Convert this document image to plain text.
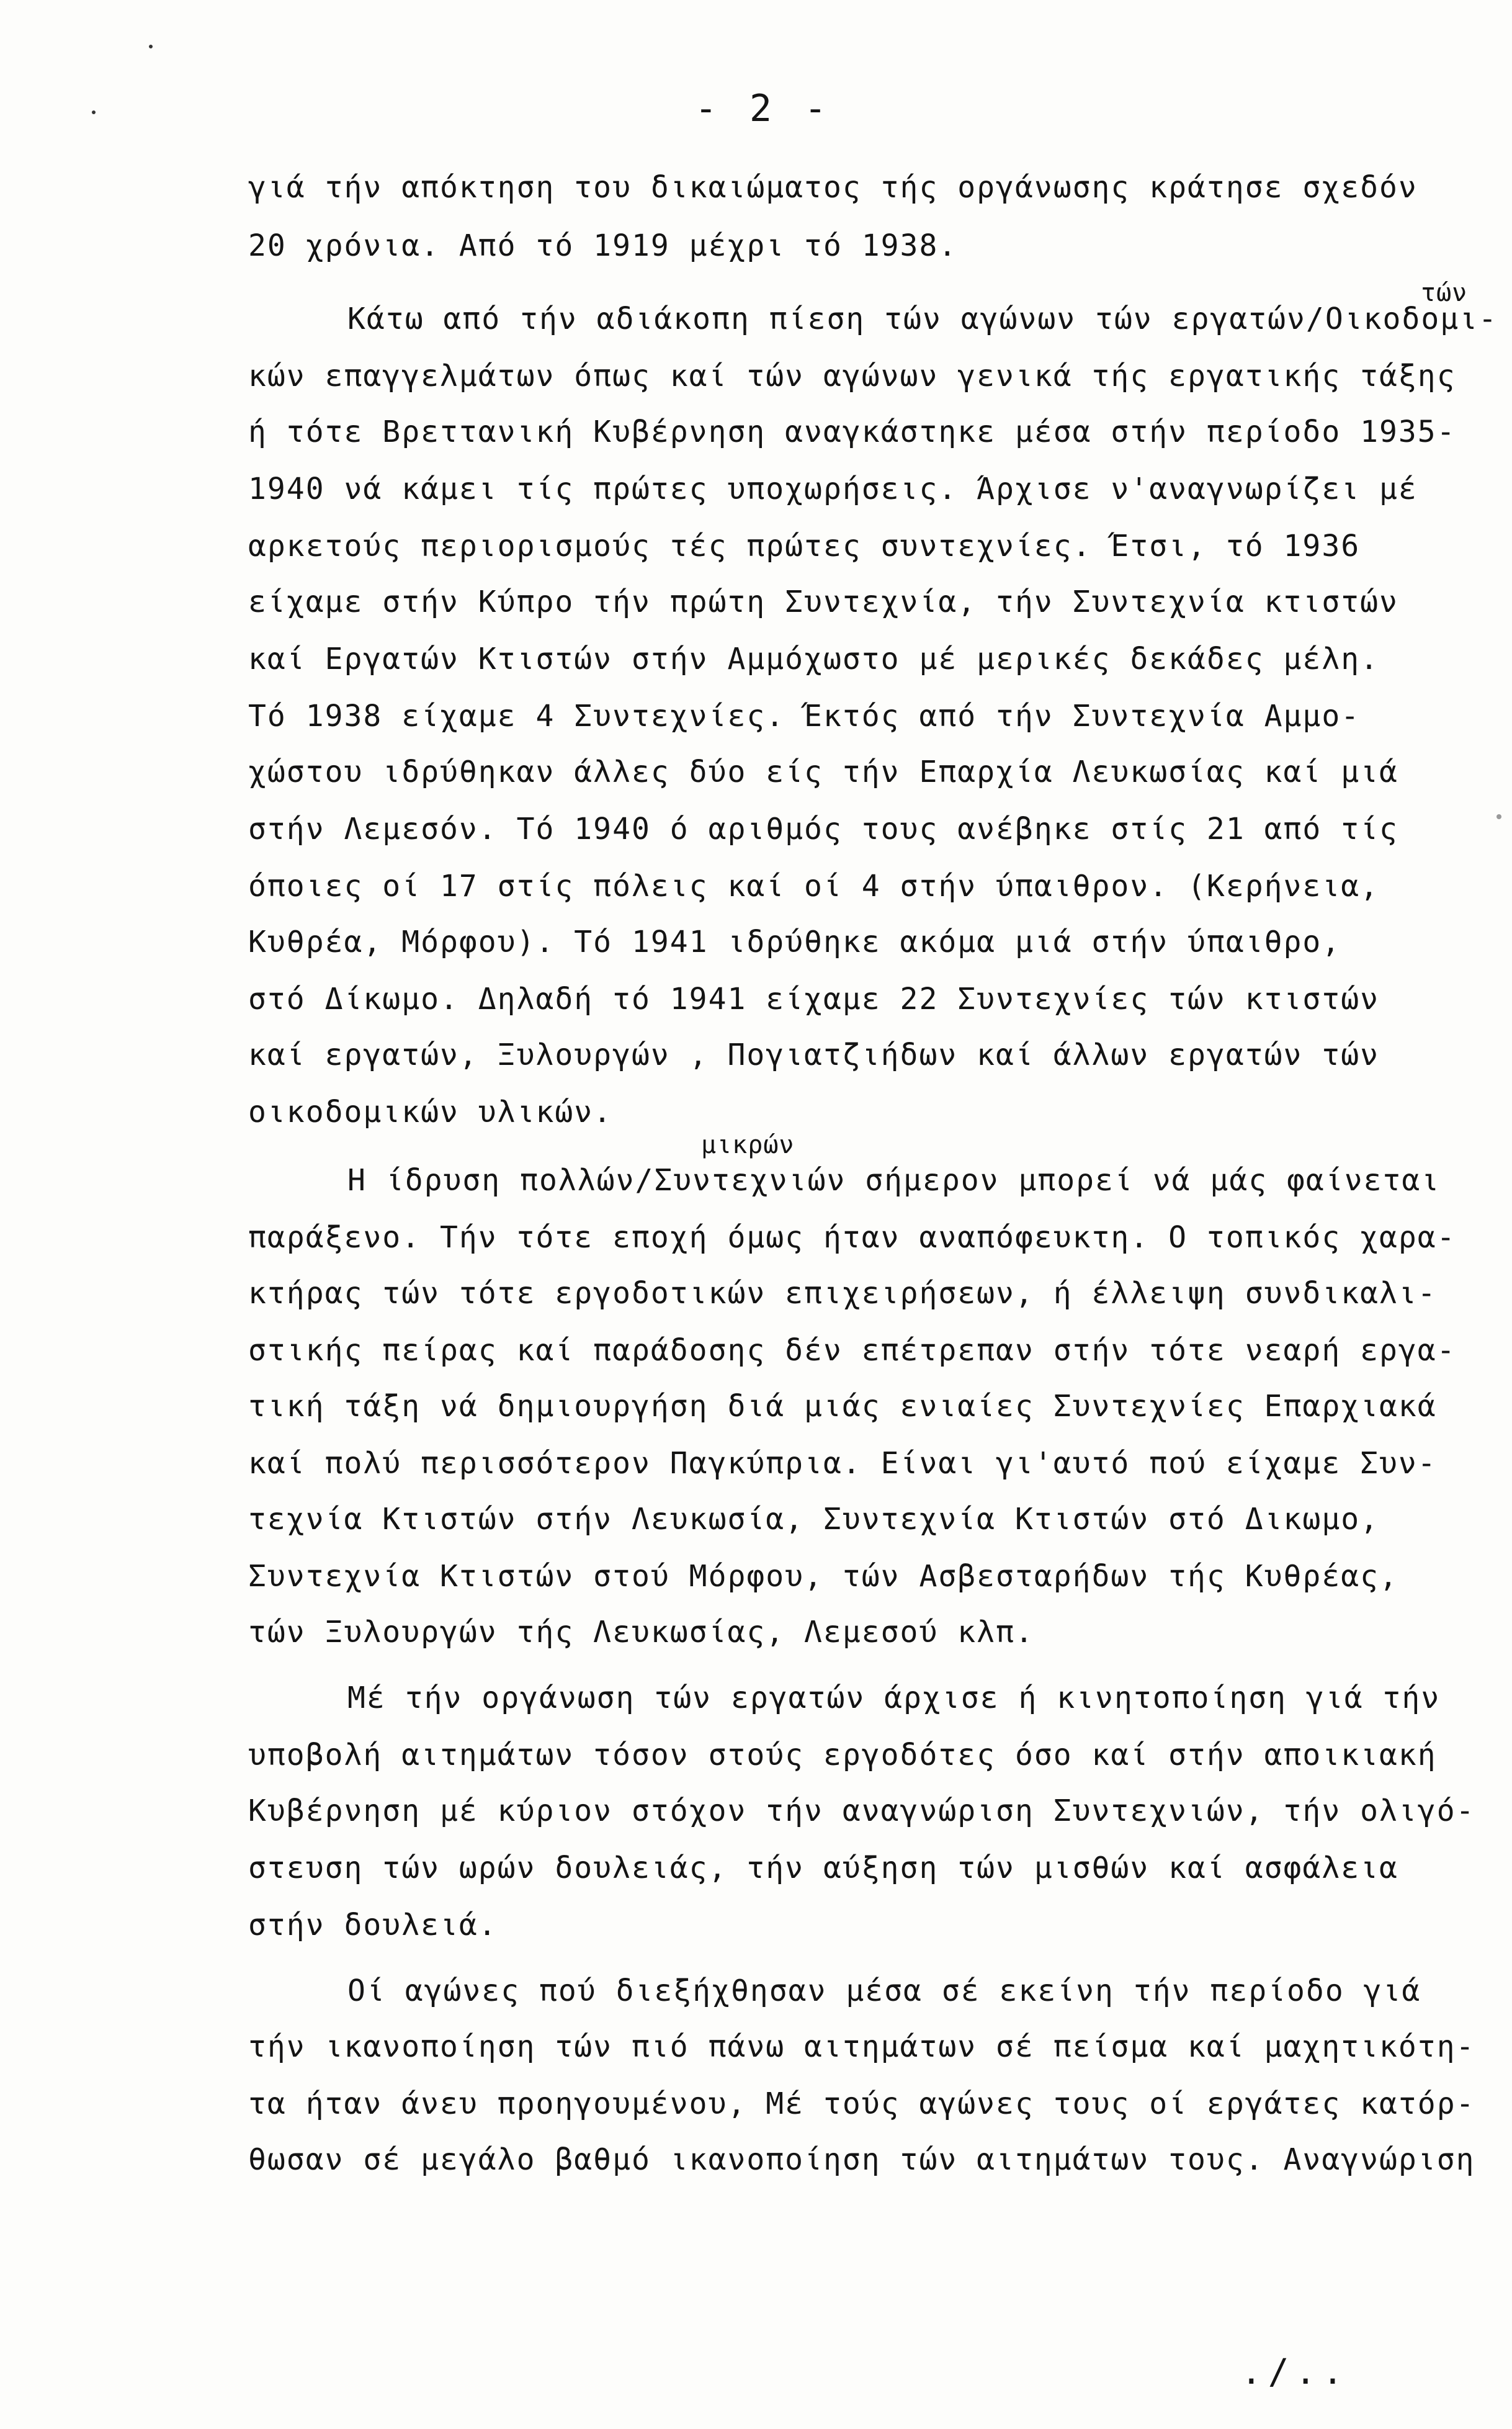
- 2 -
τών
μικρών
γιά τήν απόκτηση του δικαιώματος τής οργάνωσης κράτησε σχεδόν
20 χρόνια. Από τό 1919 μέχρι τό 1938.
Κάτω από τήν αδιάκοπη πίεση τών αγώνων τών εργατών/Οικοδομι-
κών επαγγελμάτων όπως καί τών αγώνων γενικά τής εργατικής τάξης
ή τότε Βρεττανική Κυβέρνηση αναγκάστηκε μέσα στήν περίοδο 1935-
1940 νά κάμει τίς πρώτες υποχωρήσεις. Άρχισε ν'αναγνωρίζει μέ
αρκετούς περιορισμούς τές πρώτες συντεχνίες. Έτσι, τό 1936
είχαμε στήν Κύπρο τήν πρώτη Συντεχνία, τήν Συντεχνία κτιστών
καί Εργατών Κτιστών στήν Αμμόχωστο μέ μερικές δεκάδες μέλη.
Τό 1938 είχαμε 4 Συντεχνίες. Έκτός από τήν Συντεχνία Αμμο-
χώστου ιδρύθηκαν άλλες δύο είς τήν Επαρχία Λευκωσίας καί μιά
στήν Λεμεσόν. Τό 1940 ό αριθμός τους ανέβηκε στίς 21 από τίς
όποιες οί 17 στίς πόλεις καί οί 4 στήν ύπαιθρον. (Κερήνεια,
Κυθρέα, Μόρφου). Τό 1941 ιδρύθηκε ακόμα μιά στήν ύπαιθρο,
στό Δίκωμο. Δηλαδή τό 1941 είχαμε 22 Συντεχνίες τών κτιστών
καί εργατών, Ξυλουργών , Πογιατζιήδων καί άλλων εργατών τών
οικοδομικών υλικών.
Η ίδρυση πολλών/Συντεχνιών σήμερον μπορεί νά μάς φαίνεται
παράξενο. Τήν τότε εποχή όμως ήταν αναπόφευκτη. Ο τοπικός χαρα-
κτήρας τών τότε εργοδοτικών επιχειρήσεων, ή έλλειψη συνδικαλι-
στικής πείρας καί παράδοσης δέν επέτρεπαν στήν τότε νεαρή εργα-
τική τάξη νά δημιουργήση διά μιάς ενιαίες Συντεχνίες Επαρχιακά
καί πολύ περισσότερον Παγκύπρια. Είναι γι'αυτό πού είχαμε Συν-
τεχνία Κτιστών στήν Λευκωσία, Συντεχνία Κτιστών στό Δικωμο,
Συντεχνία Κτιστών στού Μόρφου, τών Ασβεσταρήδων τής Κυθρέας,
τών Ξυλουργών τής Λευκωσίας, Λεμεσού κλπ.
Μέ τήν οργάνωση τών εργατών άρχισε ή κινητοποίηση γιά τήν
υποβολή αιτημάτων τόσον στούς εργοδότες όσο καί στήν αποικιακή
Κυβέρνηση μέ κύριον στόχον τήν αναγνώριση Συντεχνιών, τήν ολιγό-
στευση τών ωρών δουλειάς, τήν αύξηση τών μισθών καί ασφάλεια
στήν δουλειά.
Οί αγώνες πού διεξήχθησαν μέσα σέ εκείνη τήν περίοδο γιά
τήν ικανοποίηση τών πιό πάνω αιτημάτων σέ πείσμα καί μαχητικότη-
τα ήταν άνευ προηγουμένου, Μέ τούς αγώνες τους οί εργάτες κατόρ-
θωσαν σέ μεγάλο βαθμό ικανοποίηση τών αιτημάτων τους. Αναγνώριση
./..
